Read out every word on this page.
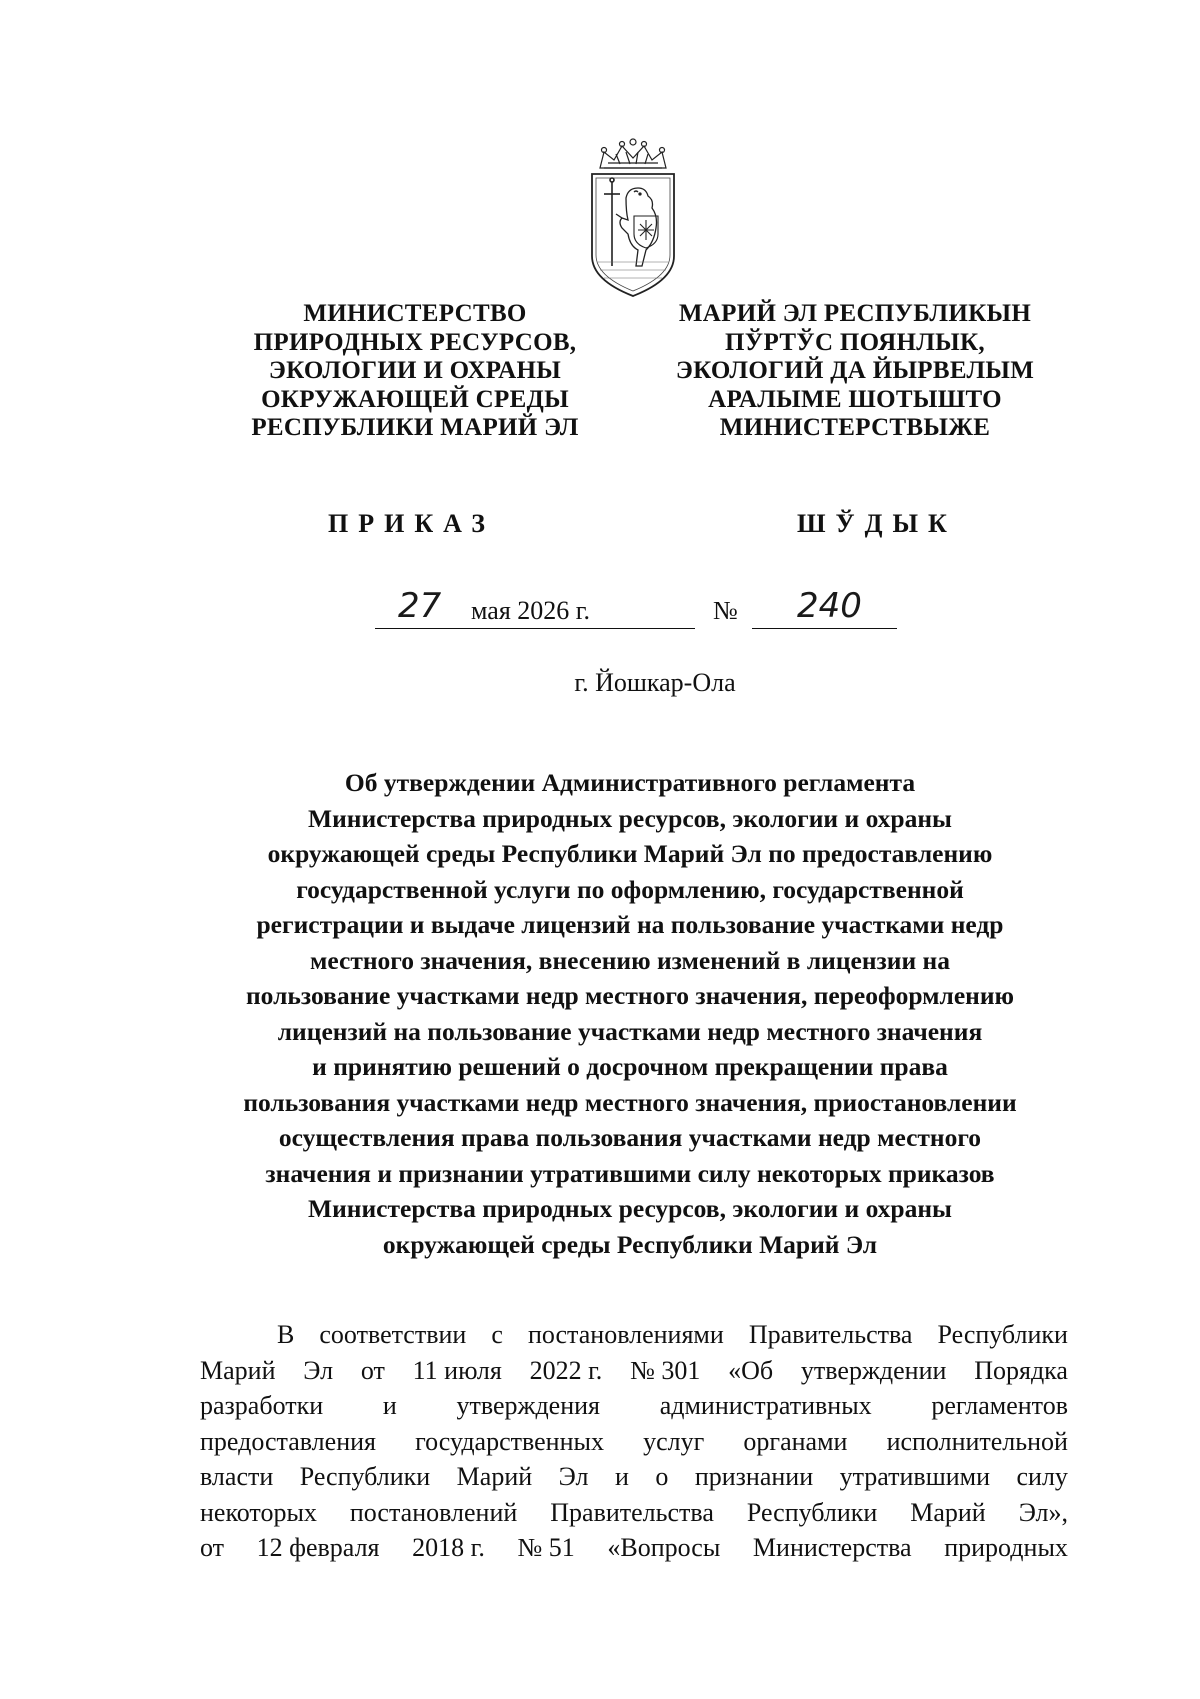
МИНИСТЕРСТВО
ПРИРОДНЫХ РЕСУРСОВ,
ЭКОЛОГИИ И ОХРАНЫ
ОКРУЖАЮЩЕЙ СРЕДЫ
РЕСПУБЛИКИ МАРИЙ ЭЛ
МАРИЙ ЭЛ РЕСПУБЛИКЫН
ПЎРТЎС ПОЯНЛЫК,
ЭКОЛОГИЙ ДА ЙЫРВЕЛЫМ
АРАЛЫМЕ ШОТЫШТО
МИНИСТЕРСТВЫЖЕ
ПРИКАЗ	ШЎДЫК
27 мая 2026 г.	№ 240
г. Йошкар-Ола
Об утверждении Административного регламента
Министерства природных ресурсов, экологии и охраны
окружающей среды Республики Марий Эл по предоставлению
государственной услуги по оформлению, государственной
регистрации и выдаче лицензий на пользование участками недр
местного значения, внесению изменений в лицензии на
пользование участками недр местного значения, переоформлению
лицензий на пользование участками недр местного значения
и принятию решений о досрочном прекращении права
пользования участками недр местного значения, приостановлении
осуществления права пользования участками недр местного
значения и признании утратившими силу некоторых приказов
Министерства природных ресурсов, экологии и охраны
окружающей среды Республики Марий Эл
В соответствии с постановлениями Правительства Республики
Марий Эл от 11 июля 2022 г. № 301 «Об утверждении Порядка
разработки и утверждения административных регламентов
предоставления государственных услуг органами исполнительной
власти Республики Марий Эл и о признании утратившими силу
некоторых постановлений Правительства Республики Марий Эл»,
от 12 февраля 2018 г. № 51 «Вопросы Министерства природных
